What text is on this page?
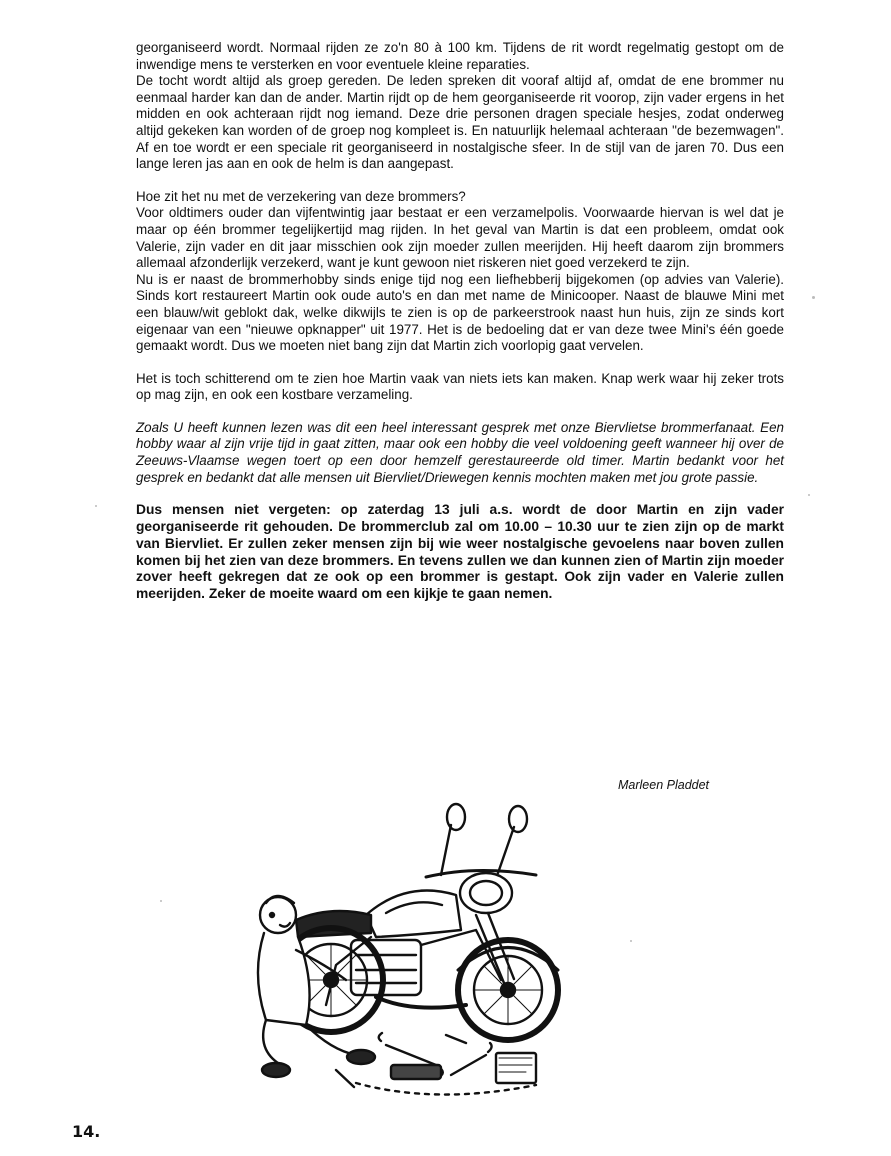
georganiseerd wordt. Normaal rijden ze zo'n 80 à 100 km. Tijdens de rit wordt regelmatig gestopt om de inwendige mens te versterken en voor eventuele kleine reparaties.

De tocht wordt altijd als groep gereden. De leden spreken dit vooraf altijd af, omdat de ene brommer nu eenmaal harder kan dan de ander. Martin rijdt op de hem georganiseerde rit voorop, zijn vader ergens in het midden en ook achteraan rijdt nog iemand. Deze drie personen dragen speciale hesjes, zodat onderweg altijd gekeken kan worden of de groep nog kompleet is. En natuurlijk helemaal achteraan "de bezemwagen". Af en toe wordt er een speciale rit georganiseerd in nostalgische sfeer. In de stijl van de jaren 70. Dus een lange leren jas aan en ook de helm is dan aangepast.

Hoe zit het nu met de verzekering van deze brommers?

Voor oldtimers ouder dan vijfentwintig jaar bestaat er een verzamelpolis. Voorwaarde hiervan is wel dat je maar op één brommer tegelijkertijd mag rijden. In het geval van Martin is dat een probleem, omdat ook Valerie, zijn vader en dit jaar misschien ook zijn moeder zullen meerijden. Hij heeft daarom zijn brommers allemaal afzonderlijk verzekerd, want je kunt gewoon niet riskeren niet goed verzekerd te zijn.

Nu is er naast de brommerhobby sinds enige tijd nog een liefhebberij bijgekomen (op advies van Valerie). Sinds kort restaureert Martin ook oude auto's en dan met name de Minicooper. Naast de blauwe Mini met een blauw/wit geblokt dak, welke dikwijls te zien is op de parkeerstrook naast hun huis, zijn ze sinds kort eigenaar van een "nieuwe opknapper" uit 1977. Het is de bedoeling dat er van deze twee Mini's één goede gemaakt wordt. Dus we moeten niet bang zijn dat Martin zich voorlopig gaat vervelen.

Het is toch schitterend om te zien hoe Martin vaak van niets iets kan maken. Knap werk waar hij zeker trots op mag zijn, en ook een kostbare verzameling.

Zoals U heeft kunnen lezen was dit een heel interessant gesprek met onze Biervlietse brommerfanaat. Een hobby waar al zijn vrije tijd in gaat zitten, maar ook een hobby die veel voldoening geeft wanneer hij over de Zeeuws-Vlaamse wegen toert op een door hemzelf gerestaureerde old timer. Martin bedankt voor het gesprek en bedankt dat alle mensen uit Biervliet/Driewegen kennis mochten maken met jou grote passie.

Dus mensen niet vergeten: op zaterdag 13 juli a.s. wordt de door Martin en zijn vader georganiseerde rit gehouden. De brommerclub zal om 10.00 – 10.30 uur te zien zijn op de markt van Biervliet. Er zullen zeker mensen zijn bij wie weer nostalgische gevoelens naar boven zullen komen bij het zien van deze brommers. En tevens zullen we dan kunnen zien of Martin zijn moeder zover heeft gekregen dat ze ook op een brommer is gestapt. Ook zijn vader en Valerie zullen meerijden. Zeker de moeite waard om een kijkje te gaan nemen.

Marleen Pladdet
14.
